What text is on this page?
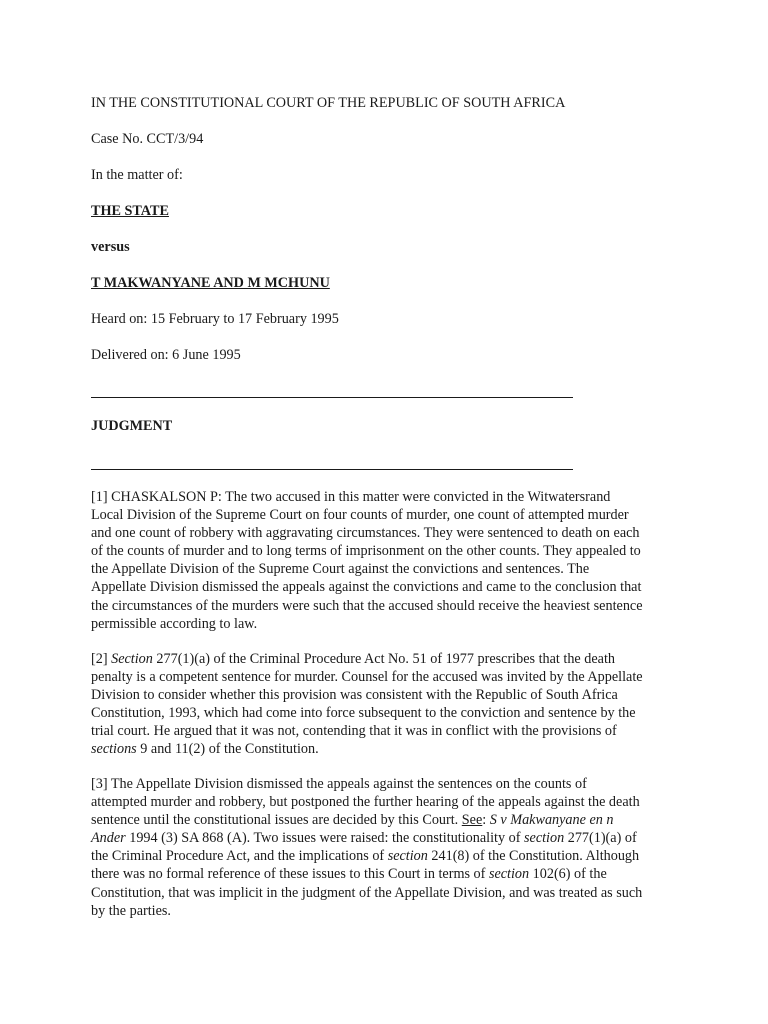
IN THE CONSTITUTIONAL COURT OF THE REPUBLIC OF SOUTH AFRICA

Case No. CCT/3/94

In the matter of:

THE STATE

versus

T MAKWANYANE AND M MCHUNU

Heard on: 15 February to 17 February 1995

Delivered on: 6 June 1995

JUDGMENT

[1] CHASKALSON P: The two accused in this matter were convicted in the Witwatersrand
Local Division of the Supreme Court on four counts of murder, one count of attempted murder
and one count of robbery with aggravating circumstances. They were sentenced to death on each
of the counts of murder and to long terms of imprisonment on the other counts. They appealed to
the Appellate Division of the Supreme Court against the convictions and sentences. The
Appellate Division dismissed the appeals against the convictions and came to the conclusion that
the circumstances of the murders were such that the accused should receive the heaviest sentence
permissible according to law.
[2] Section 277(1)(a) of the Criminal Procedure Act No. 51 of 1977 prescribes that the death
penalty is a competent sentence for murder. Counsel for the accused was invited by the Appellate
Division to consider whether this provision was consistent with the Republic of South Africa
Constitution, 1993, which had come into force subsequent to the conviction and sentence by the
trial court. He argued that it was not, contending that it was in conflict with the provisions of
sections 9 and 11(2) of the Constitution.
[3] The Appellate Division dismissed the appeals against the sentences on the counts of
attempted murder and robbery, but postponed the further hearing of the appeals against the death
sentence until the constitutional issues are decided by this Court. See: S v Makwanyane en n
Ander 1994 (3) SA 868 (A). Two issues were raised: the constitutionality of section 277(1)(a) of
the Criminal Procedure Act, and the implications of section 241(8) of the Constitution. Although
there was no formal reference of these issues to this Court in terms of section 102(6) of the
Constitution, that was implicit in the judgment of the Appellate Division, and was treated as such
by the parties.
